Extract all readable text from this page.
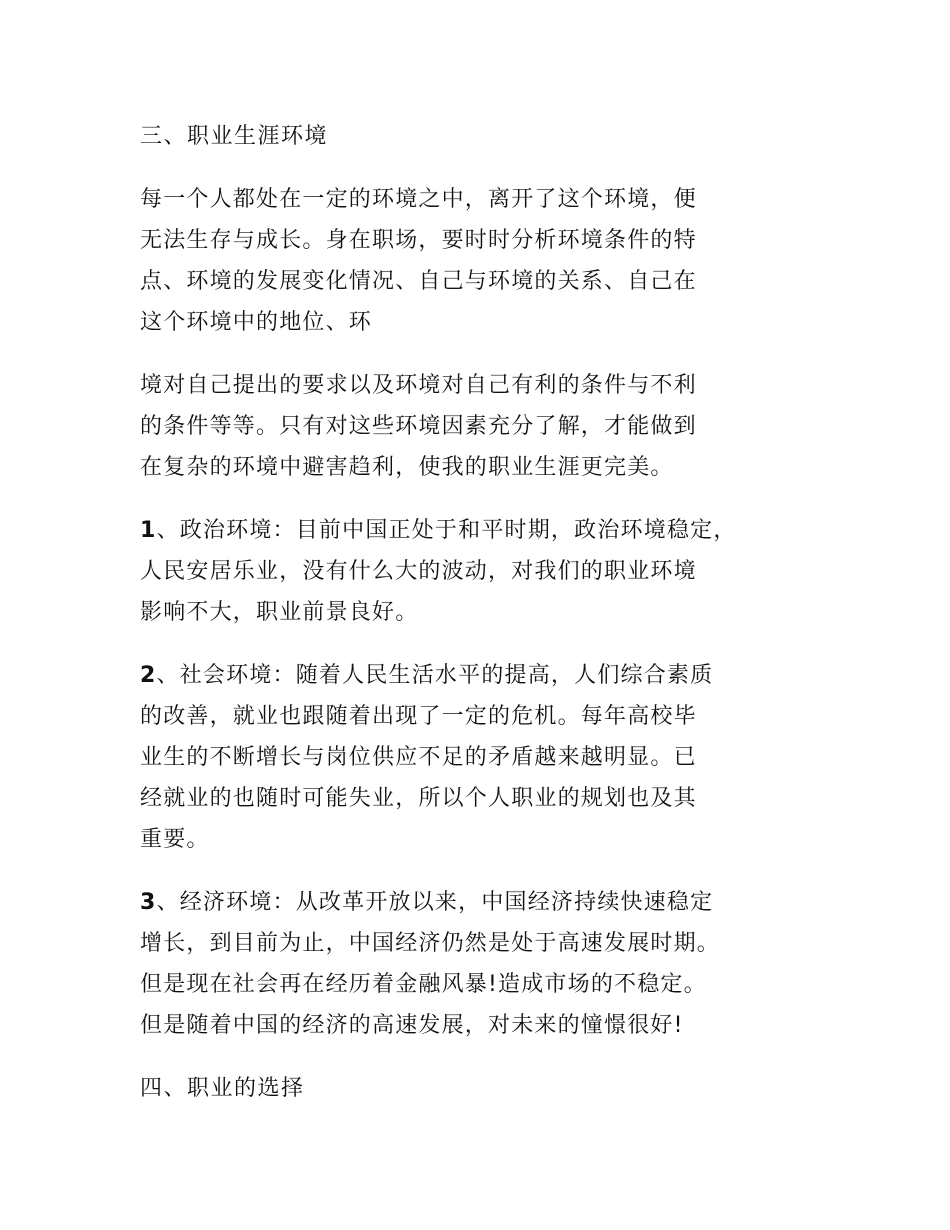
三、职业生涯环境
每一个人都处在一定的环境之中，离开了这个环境，便
无法生存与成长。身在职场，要时时分析环境条件的特
点、环境的发展变化情况、自己与环境的关系、自己在
这个环境中的地位、环
境对自己提出的要求以及环境对自己有利的条件与不利
的条件等等。只有对这些环境因素充分了解，才能做到
在复杂的环境中避害趋利，使我的职业生涯更完美。
1、政治环境：目前中国正处于和平时期，政治环境稳定，
人民安居乐业，没有什么大的波动，对我们的职业环境
影响不大，职业前景良好。
2、社会环境：随着人民生活水平的提高，人们综合素质
的改善，就业也跟随着出现了一定的危机。每年高校毕
业生的不断增长与岗位供应不足的矛盾越来越明显。已
经就业的也随时可能失业，所以个人职业的规划也及其
重要。
3、经济环境：从改革开放以来，中国经济持续快速稳定
增长，到目前为止，中国经济仍然是处于高速发展时期。
但是现在社会再在经历着金融风暴!造成市场的不稳定。
但是随着中国的经济的高速发展，对未来的憧憬很好!
四、职业的选择
